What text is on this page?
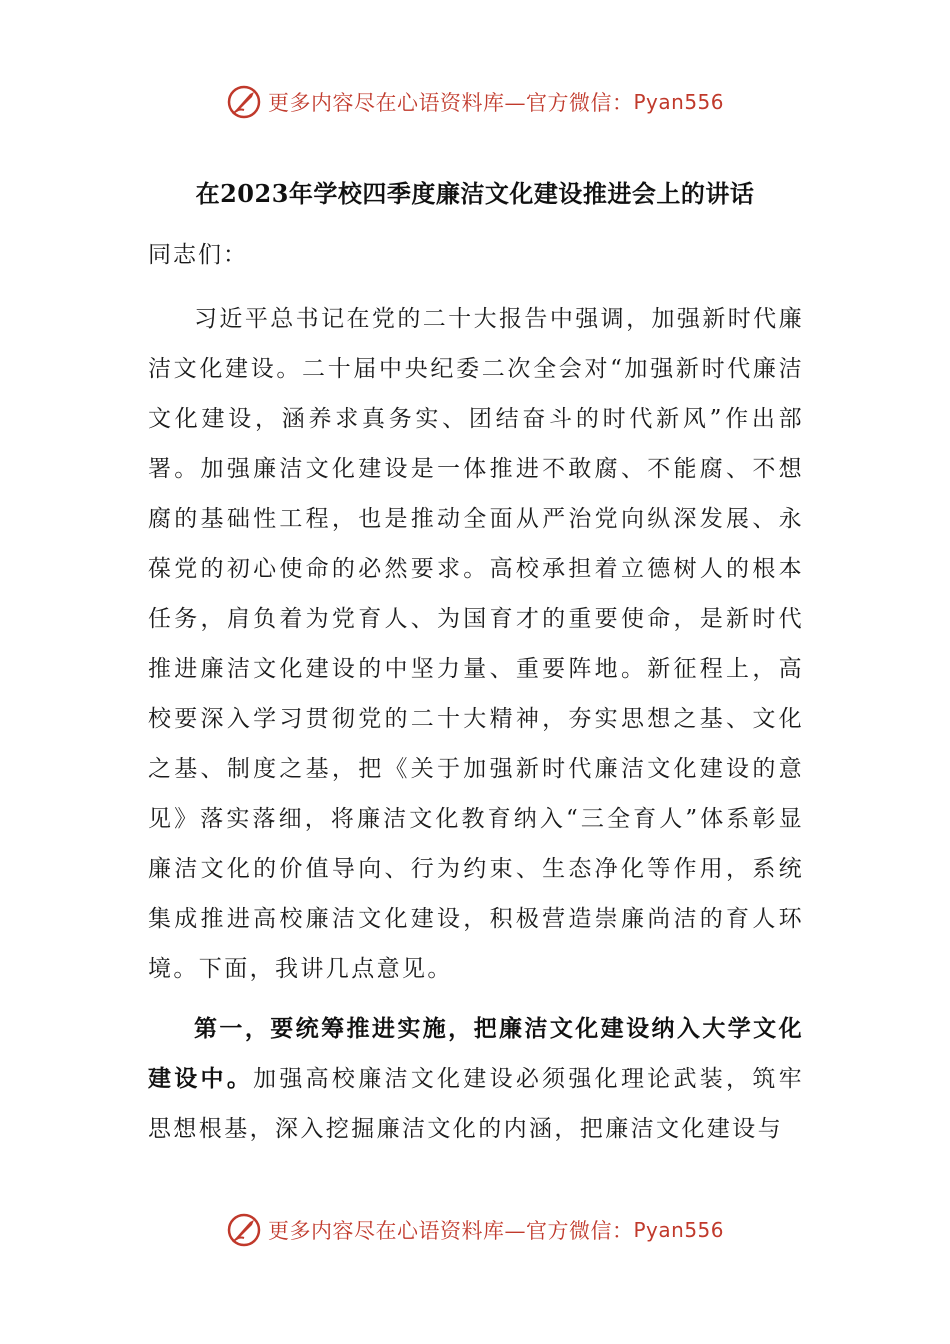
更多内容尽在心语资料库—官方微信： Pyan556
在2023年学校四季度廉洁文化建设推进会上的讲话
同志们：

习近平总书记在党的二十大报告中强调，加强新时代廉洁文化建设。二十届中央纪委二次全会对“加强新时代廉洁文化建设，涵养求真务实、团结奋斗的时代新风”作出部署。加强廉洁文化建设是一体推进不敢腐、不能腐、不想腐的基础性工程，也是推动全面从严治党向纵深发展、永葆党的初心使命的必然要求。高校承担着立德树人的根本任务，肩负着为党育人、为国育才的重要使命，是新时代推进廉洁文化建设的中坚力量、重要阵地。新征程上，高校要深入学习贯彻党的二十大精神，夯实思想之基、文化之基、制度之基，把《关于加强新时代廉洁文化建设的意见》落实落细，将廉洁文化教育纳入“三全育人”体系彰显廉洁文化的价值导向、行为约束、生态净化等作用，系统集成推进高校廉洁文化建设，积极营造崇廉尚洁的育人环境。下面，我讲几点意见。

第一，要统筹推进实施，把廉洁文化建设纳入大学文化建设中。加强高校廉洁文化建设必须强化理论武装，筑牢思想根基，深入挖掘廉洁文化的内涵，把廉洁文化建设与

更多内容尽在心语资料库—官方微信： Pyan556
